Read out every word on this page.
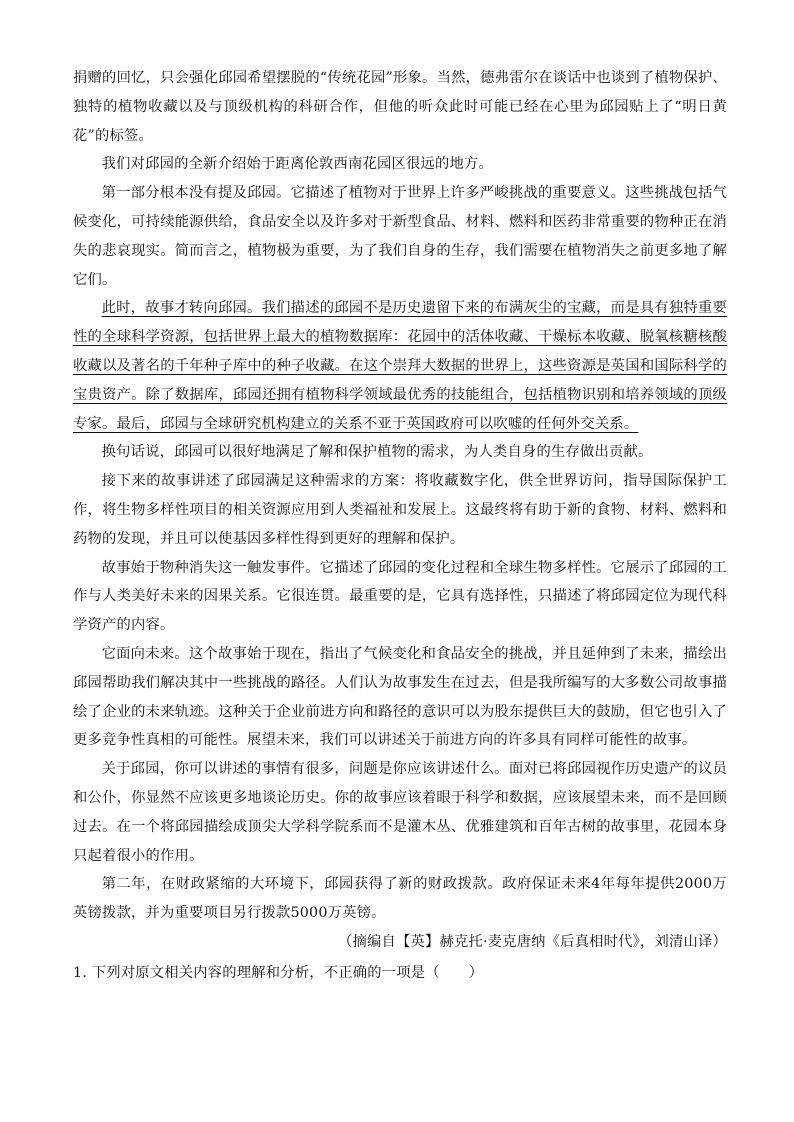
捐赠的回忆，只会强化邱园希望摆脱的“传统花园”形象。当然，德弗雷尔在谈话中也谈到了植物保护、独特的植物收藏以及与顶级机构的科研合作，但他的听众此时可能已经在心里为邱园贴上了“明日黄花”的标签。

我们对邱园的全新介绍始于距离伦敦西南花园区很远的地方。

第一部分根本没有提及邱园。它描述了植物对于世界上许多严峻挑战的重要意义。这些挑战包括气候变化，可持续能源供给，食品安全以及许多对于新型食品、材料、燃料和医药非常重要的物种正在消失的悲哀现实。简而言之，植物极为重要，为了我们自身的生存，我们需要在植物消失之前更多地了解它们。

此时，故事才转向邱园。我们描述的邱园不是历史遗留下来的布满灰尘的宝藏，而是具有独特重要性的全球科学资源，包括世界上最大的植物数据库：花园中的活体收藏、干燥标本收藏、脱氧核糖核酸收藏以及著名的千年种子库中的种子收藏。在这个崇拜大数据的世界上，这些资源是英国和国际科学的宝贵资产。除了数据库，邱园还拥有植物科学领域最优秀的技能组合，包括植物识别和培养领域的顶级专家。最后，邱园与全球研究机构建立的关系不亚于英国政府可以吹嘘的任何外交关系。

换句话说，邱园可以很好地满足了解和保护植物的需求，为人类自身的生存做出贡献。

接下来的故事讲述了邱园满足这种需求的方案：将收藏数字化，供全世界访问，指导国际保护工作，将生物多样性项目的相关资源应用到人类福祉和发展上。这最终将有助于新的食物、材料、燃料和药物的发现，并且可以使基因多样性得到更好的理解和保护。

故事始于物种消失这一触发事件。它描述了邱园的变化过程和全球生物多样性。它展示了邱园的工作与人类美好未来的因果关系。它很连贯。最重要的是，它具有选择性，只描述了将邱园定位为现代科学资产的内容。

它面向未来。这个故事始于现在，指出了气候变化和食品安全的挑战，并且延伸到了未来，描绘出邱园帮助我们解决其中一些挑战的路径。人们认为故事发生在过去，但是我所编写的大多数公司故事描绘了企业的未来轨迹。这种关于企业前进方向和路径的意识可以为股东提供巨大的鼓励，但它也引入了更多竞争性真相的可能性。展望未来，我们可以讲述关于前进方向的许多具有同样可能性的故事。

关于邱园，你可以讲述的事情有很多，问题是你应该讲述什么。面对已将邱园视作历史遗产的议员和公仆，你显然不应该更多地谈论历史。你的故事应该着眼于科学和数据，应该展望未来，而不是回顾过去。在一个将邱园描绘成顶尖大学科学院系而不是灌木丛、优雅建筑和百年古树的故事里，花园本身只起着很小的作用。

第二年，在财政紧缩的大环境下，邱园获得了新的财政拨款。政府保证未来4年每年提供2000万英镑拨款，并为重要项目另行拨款5000万英镑。

（摘编自【英】赫克托·麦克唐纳《后真相时代》，刘清山译）

1. 下列对原文相关内容的理解和分析，不正确的一项是（　　）
